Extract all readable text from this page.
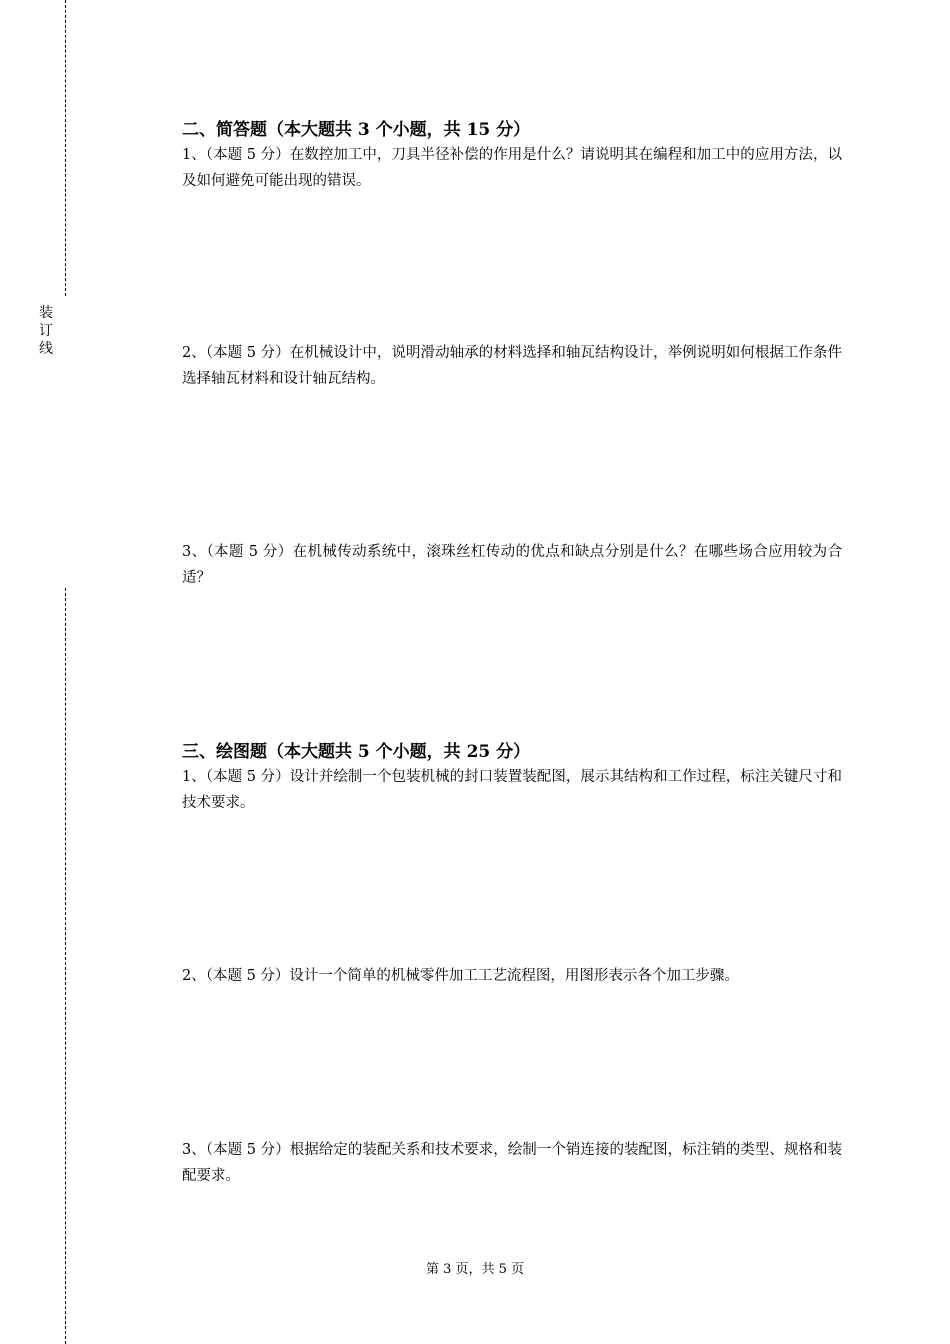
装
订
线
二、简答题（本大题共 3 个小题，共 15 分）
1、（本题 5 分）在数控加工中，刀具半径补偿的作用是什么？请说明其在编程和加工中的应用方法，以及如何避免可能出现的错误。
2、（本题 5 分）在机械设计中，说明滑动轴承的材料选择和轴瓦结构设计，举例说明如何根据工作条件选择轴瓦材料和设计轴瓦结构。
3、（本题 5 分）在机械传动系统中，滚珠丝杠传动的优点和缺点分别是什么？在哪些场合应用较为合适？
三、绘图题（本大题共 5 个小题，共 25 分）
1、（本题 5 分）设计并绘制一个包装机械的封口装置装配图，展示其结构和工作过程，标注关键尺寸和技术要求。
2、（本题 5 分）设计一个简单的机械零件加工工艺流程图，用图形表示各个加工步骤。
3、（本题 5 分）根据给定的装配关系和技术要求，绘制一个销连接的装配图，标注销的类型、规格和装配要求。
第 3 页，共 5 页
